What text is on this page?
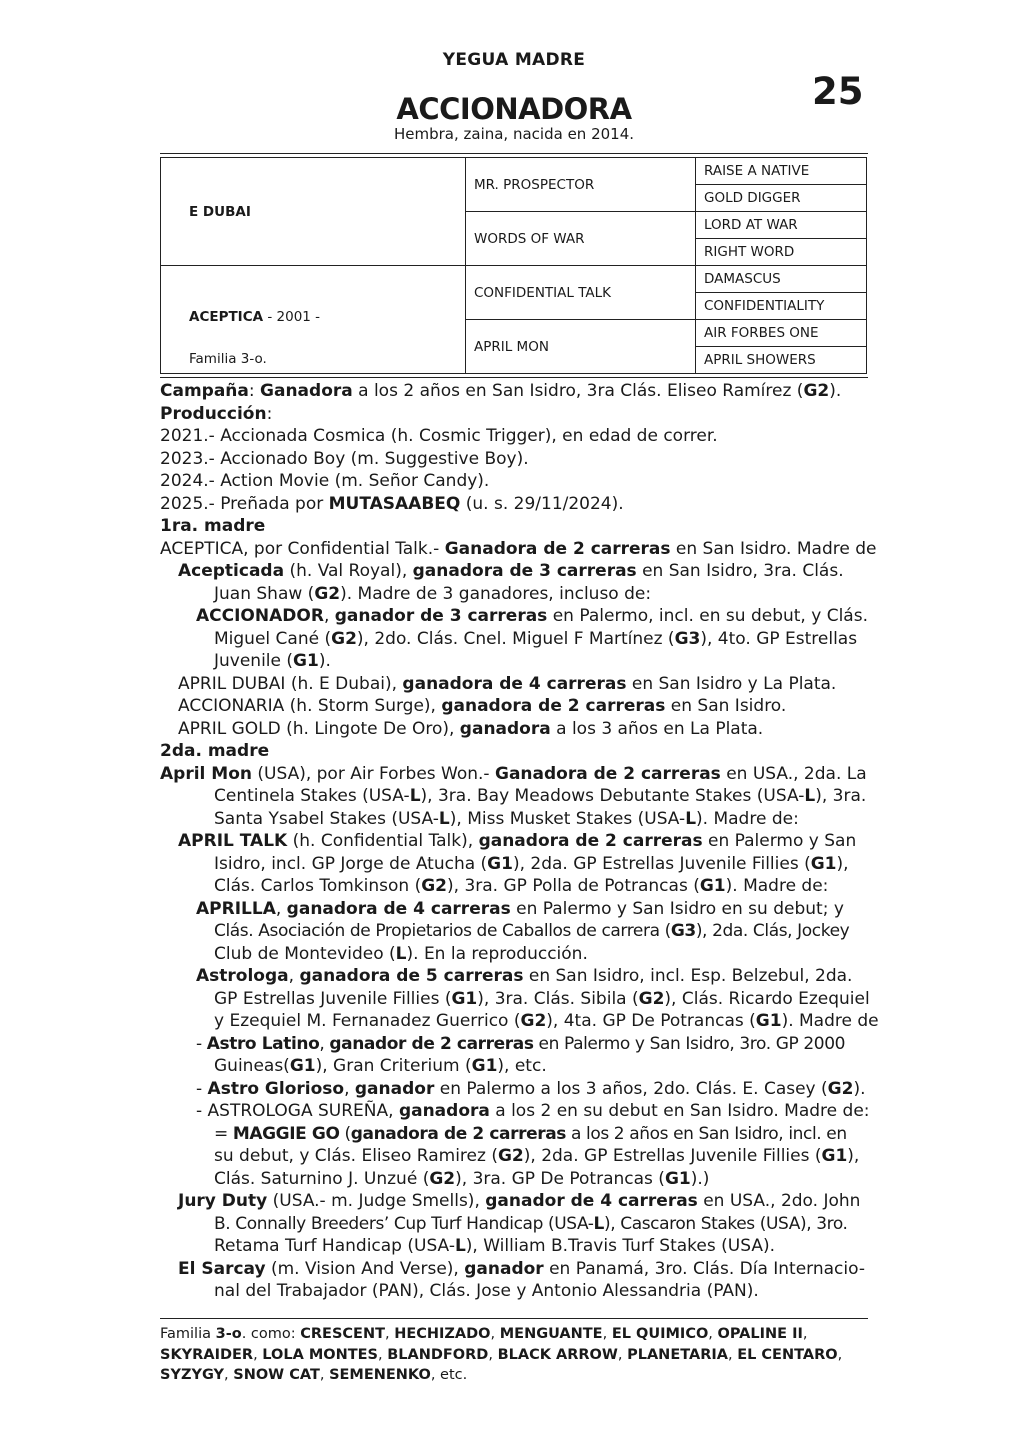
YEGUA MADRE
25
ACCIONADORA
Hembra, zaina, nacida en 2014.
E DUBAI	MR. PROSPECTOR	RAISE A NATIVE
		GOLD DIGGER
	WORDS OF WAR	LORD AT WAR
		RIGHT WORD

ACEPTICA - 2001 -
Familia 3-o.	CONFIDENTIAL TALK	DAMASCUS
		CONFIDENTIALITY
	APRIL MON	AIR FORBES ONE
		APRIL SHOWERS
Campaña: Ganadora a los 2 años en San Isidro, 3ra Clás. Eliseo Ramírez (G2).
Producción:
2021.- Accionada Cosmica (h. Cosmic Trigger), en edad de correr.
2023.- Accionado Boy (m. Suggestive Boy).
2024.- Action Movie (m. Señor Candy).
2025.- Preñada por MUTASAABEQ (u. s. 29/11/2024).
1ra. madre
ACEPTICA, por Confidential Talk.- Ganadora de 2 carreras en San Isidro. Madre de
Acepticada (h. Val Royal), ganadora de 3 carreras en San Isidro, 3ra. Clás.
Juan Shaw (G2). Madre de 3 ganadores, incluso de:
ACCIONADOR, ganador de 3 carreras en Palermo, incl. en su debut, y Clás.
Miguel Cané (G2), 2do. Clás. Cnel. Miguel F Martínez (G3), 4to. GP Estrellas
Juvenile (G1).
APRIL DUBAI (h. E Dubai), ganadora de 4 carreras en San Isidro y La Plata.
ACCIONARIA (h. Storm Surge), ganadora de 2 carreras en San Isidro.
APRIL GOLD (h. Lingote De Oro), ganadora a los 3 años en La Plata.
2da. madre
April Mon (USA), por Air Forbes Won.- Ganadora de 2 carreras en USA., 2da. La
Centinela Stakes (USA-L), 3ra. Bay Meadows Debutante Stakes (USA-L), 3ra.
Santa Ysabel Stakes (USA-L), Miss Musket Stakes (USA-L). Madre de:
APRIL TALK (h. Confidential Talk), ganadora de 2 carreras en Palermo y San
Isidro, incl. GP Jorge de Atucha (G1), 2da. GP Estrellas Juvenile Fillies (G1),
Clás. Carlos Tomkinson (G2), 3ra. GP Polla de Potrancas (G1). Madre de:
APRILLA, ganadora de 4 carreras en Palermo y San Isidro en su debut; y
Clás. Asociación de Propietarios de Caballos de carrera (G3), 2da. Clás, Jockey
Club de Montevideo (L). En la reproducción.
Astrologa, ganadora de 5 carreras en San Isidro, incl. Esp. Belzebul, 2da.
GP Estrellas Juvenile Fillies (G1), 3ra. Clás. Sibila (G2), Clás. Ricardo Ezequiel
y Ezequiel M. Fernanadez Guerrico (G2), 4ta. GP De Potrancas (G1). Madre de
- Astro Latino, ganador de 2 carreras en Palermo y San Isidro, 3ro. GP 2000
Guineas(G1), Gran Criterium (G1), etc.
- Astro Glorioso, ganador en Palermo a los 3 años, 2do. Clás. E. Casey (G2).
- ASTROLOGA SUREÑA, ganadora a los 2 en su debut en San Isidro. Madre de:
= MAGGIE GO (ganadora de 2 carreras a los 2 años en San Isidro, incl. en
su debut, y Clás. Eliseo Ramirez (G2), 2da. GP Estrellas Juvenile Fillies (G1),
Clás. Saturnino J. Unzué (G2), 3ra. GP De Potrancas (G1).)
Jury Duty (USA.- m. Judge Smells), ganador de 4 carreras en USA., 2do. John
B. Connally Breeders’ Cup Turf Handicap (USA-L), Cascaron Stakes (USA), 3ro.
Retama Turf Handicap (USA-L), William B.Travis Turf Stakes (USA).
El Sarcay (m. Vision And Verse), ganador en Panamá, 3ro. Clás. Día Internacio-
nal del Trabajador (PAN), Clás. Jose y Antonio Alessandria (PAN).
Familia 3-o. como: CRESCENT, HECHIZADO, MENGUANTE, EL QUIMICO, OPALINE II,
SKYRAIDER, LOLA MONTES, BLANDFORD, BLACK ARROW, PLANETARIA, EL CENTARO,
SYZYGY, SNOW CAT, SEMENENKO, etc.
